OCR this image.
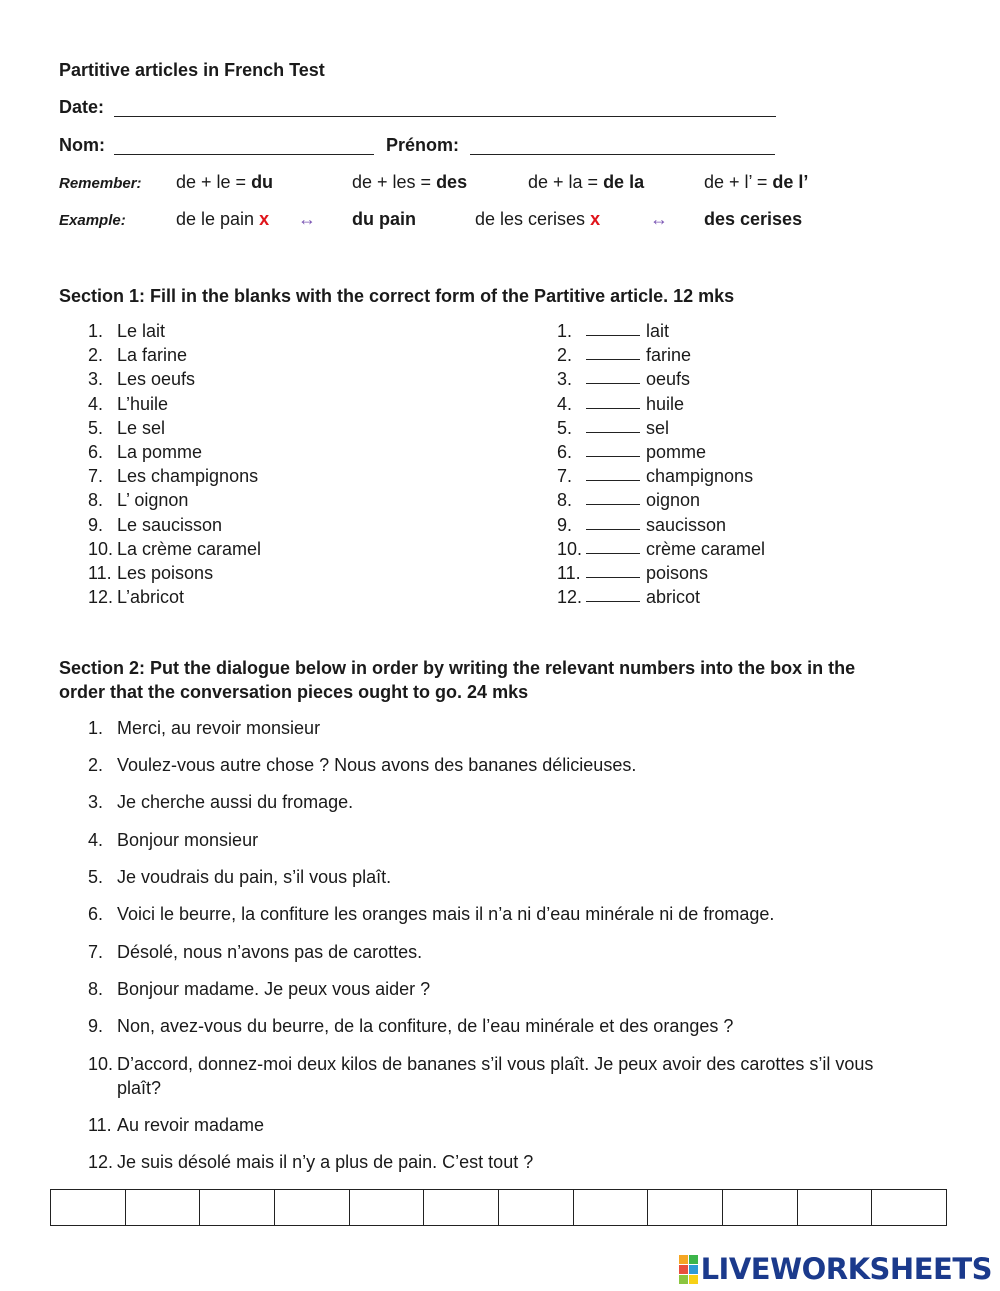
Partitive articles in French Test
Date:
Nom:	Prénom:
Remember: de + le = du	de + les = des	de + la = de la	de + l’ = de l’
Example:	de le pain x ↔ du pain	de les cerises x	↔ des cerises
Section 1: Fill in the blanks with the correct form of the Partitive article. 12 mks
1. Le lait
2. La farine
3. Les oeufs
4. L’huile
5. Le sel
6. La pomme
7. Les champignons
8. L’ oignon
9. Le saucisson
10. La crème caramel
11. Les poisons
12. L’abricot
1.	lait
2.	farine
3.	oeufs
4.	huile
5.	sel
6.	pomme
7.	champignons
8.	oignon
9.	saucisson
10.	crème caramel
11.	poisons
12.	abricot
Section 2: Put the dialogue below in order by writing the relevant numbers into the box in the
order that the conversation pieces ought to go. 24 mks
1. Merci, au revoir monsieur
2. Voulez-vous autre chose ? Nous avons des bananes délicieuses.
3. Je cherche aussi du fromage.
4. Bonjour monsieur
5. Je voudrais du pain, s’il vous plaît.
6. Voici le beurre, la confiture les oranges mais il n’a ni d’eau minérale ni de fromage.
7. Désolé, nous n’avons pas de carottes.
8. Bonjour madame. Je peux vous aider ?
9. Non, avez-vous du beurre, de la confiture, de l’eau minérale et des oranges ?
10. D’accord, donnez-moi deux kilos de bananes s’il vous plaît. Je peux avoir des carottes s’il vous plaît?
11. Au revoir madame
12. Je suis désolé mais il n’y a plus de pain. C’est tout ?
LIVEWORKSHEETS
